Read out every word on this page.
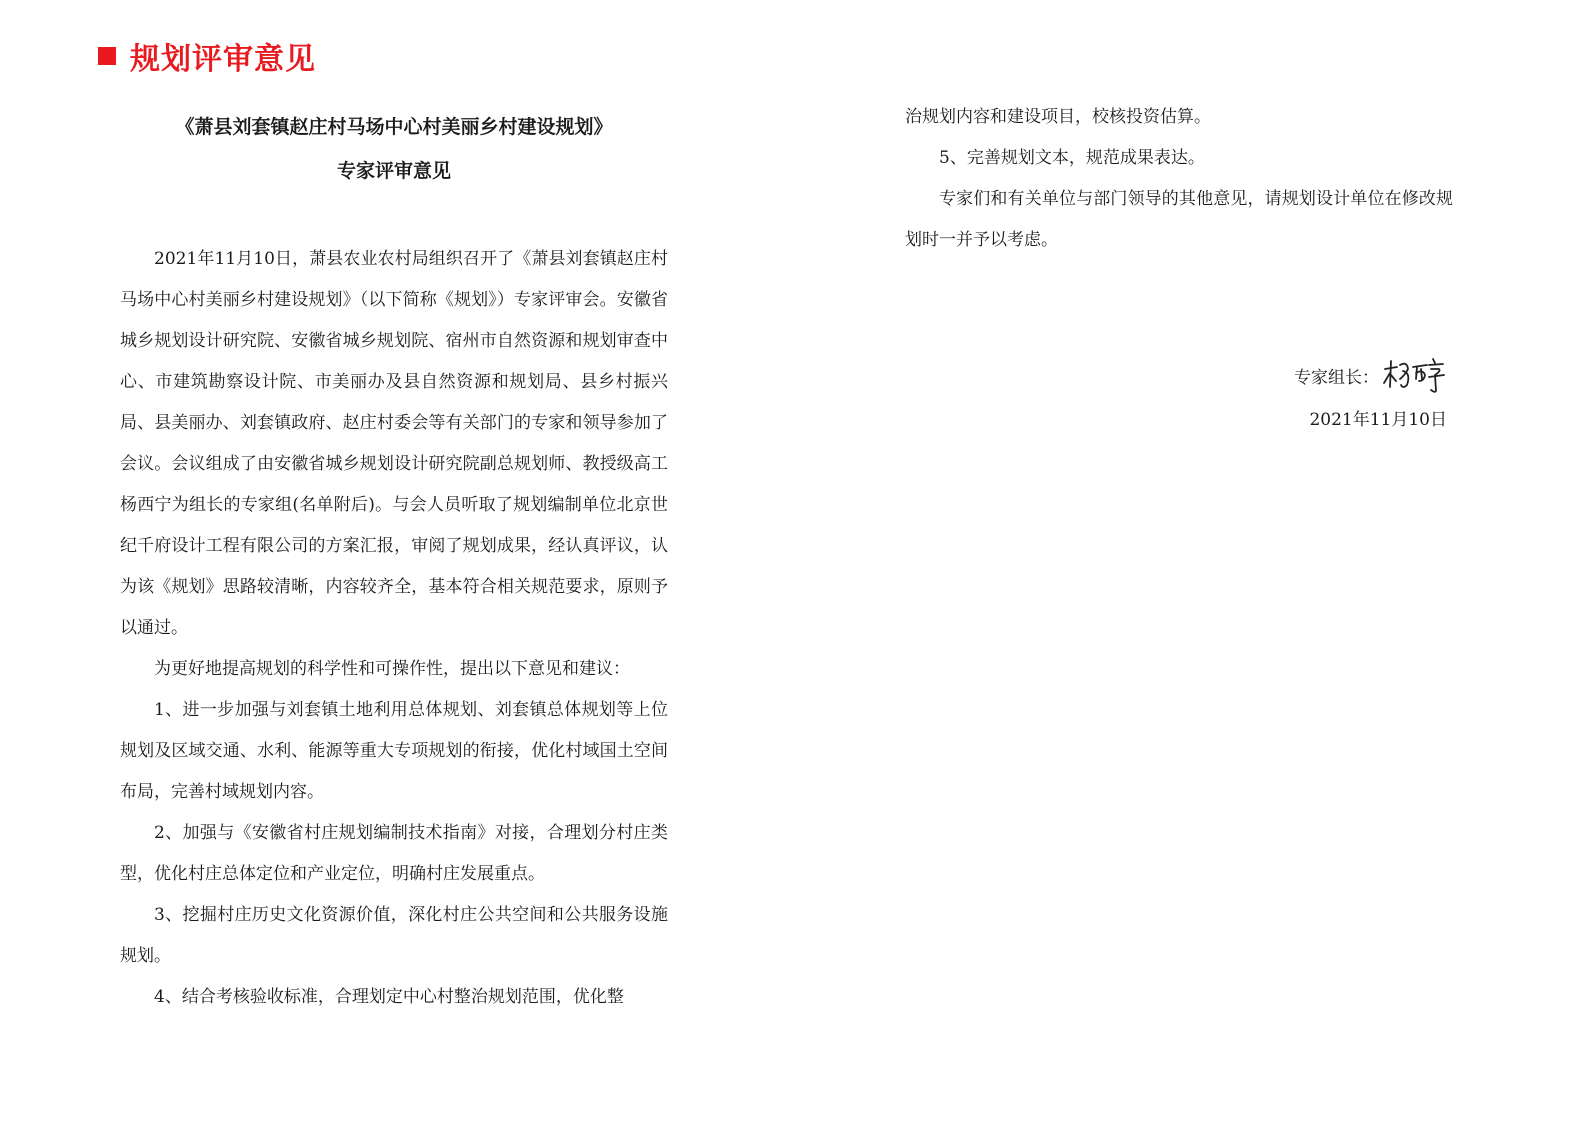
规划评审意见

《萧县刘套镇赵庄村马场中心村美丽乡村建设规划》

专家评审意见

2021年11月10日，萧县农业农村局组织召开了《萧县刘套镇赵庄村马场中心村美丽乡村建设规划》（以下简称《规划》）专家评审会。安徽省城乡规划设计研究院、安徽省城乡规划院、宿州市自然资源和规划审查中心、市建筑勘察设计院、市美丽办及县自然资源和规划局、县乡村振兴局、县美丽办、刘套镇政府、赵庄村委会等有关部门的专家和领导参加了会议。会议组成了由安徽省城乡规划设计研究院副总规划师、教授级高工杨西宁为组长的专家组(名单附后)。与会人员听取了规划编制单位北京世纪千府设计工程有限公司的方案汇报，审阅了规划成果，经认真评议，认为该《规划》思路较清晰，内容较齐全，基本符合相关规范要求，原则予以通过。

为更好地提高规划的科学性和可操作性，提出以下意见和建议：

1、进一步加强与刘套镇土地利用总体规划、刘套镇总体规划等上位规划及区域交通、水利、能源等重大专项规划的衔接，优化村域国土空间布局，完善村域规划内容。

2、加强与《安徽省村庄规划编制技术指南》对接，合理划分村庄类型，优化村庄总体定位和产业定位，明确村庄发展重点。

3、挖掘村庄历史文化资源价值，深化村庄公共空间和公共服务设施规划。

4、结合考核验收标准，合理划定中心村整治规划范围，优化整

治规划内容和建设项目，校核投资估算。

5、完善规划文本，规范成果表达。

专家们和有关单位与部门领导的其他意见，请规划设计单位在修改规划时一并予以考虑。

专家组长：
2021年11月10日
